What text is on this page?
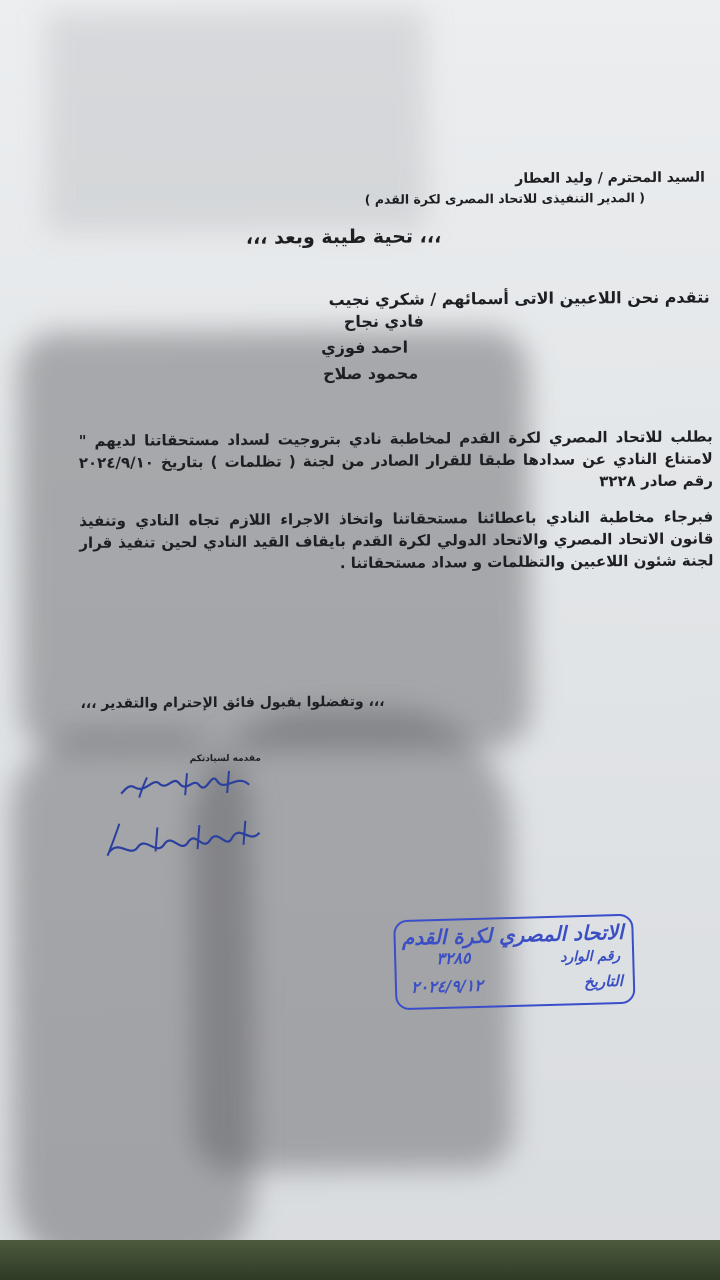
السيد المحترم / وليد العطار
( المدير التنفيذى للاتحاد المصرى لكرة القدم )
،،، تحية طيبة وبعد ،،،
نتقدم نحن اللاعبين الاتى أسمائهم / شكري نجيب
فادي نجاح
احمد فوزي
محمود صلاح
بطلب للاتحاد المصري لكرة القدم لمخاطبة نادي بتروجيت لسداد مستحقاتنا لديهم " لامتناع النادي عن سدادها طبقا للقرار الصادر من لجنة ( تظلمات ) بتاريخ ٢٠٢٤/٩/١٠ رقم صادر ٣٢٢٨
فبرجاء مخاطبة النادي باعطائنا مستحقاتنا واتخاذ الاجراء اللازم تجاه النادي وتنفيذ قانون الاتحاد المصري والاتحاد الدولي لكرة القدم بايقاف القيد النادي لحين تنفيذ قرار لجنة شئون اللاعبين والتظلمات و سداد مستحقاتنا .
،،، وتفضلوا بقبول فائق الإحترام والتقدير ،،،
مقدمه لسيادتكم
الاتحاد المصري لكرة القدم
رقم الوارد
التاريخ
٣٢٨٥
٢٠٢٤/٩/١٢
